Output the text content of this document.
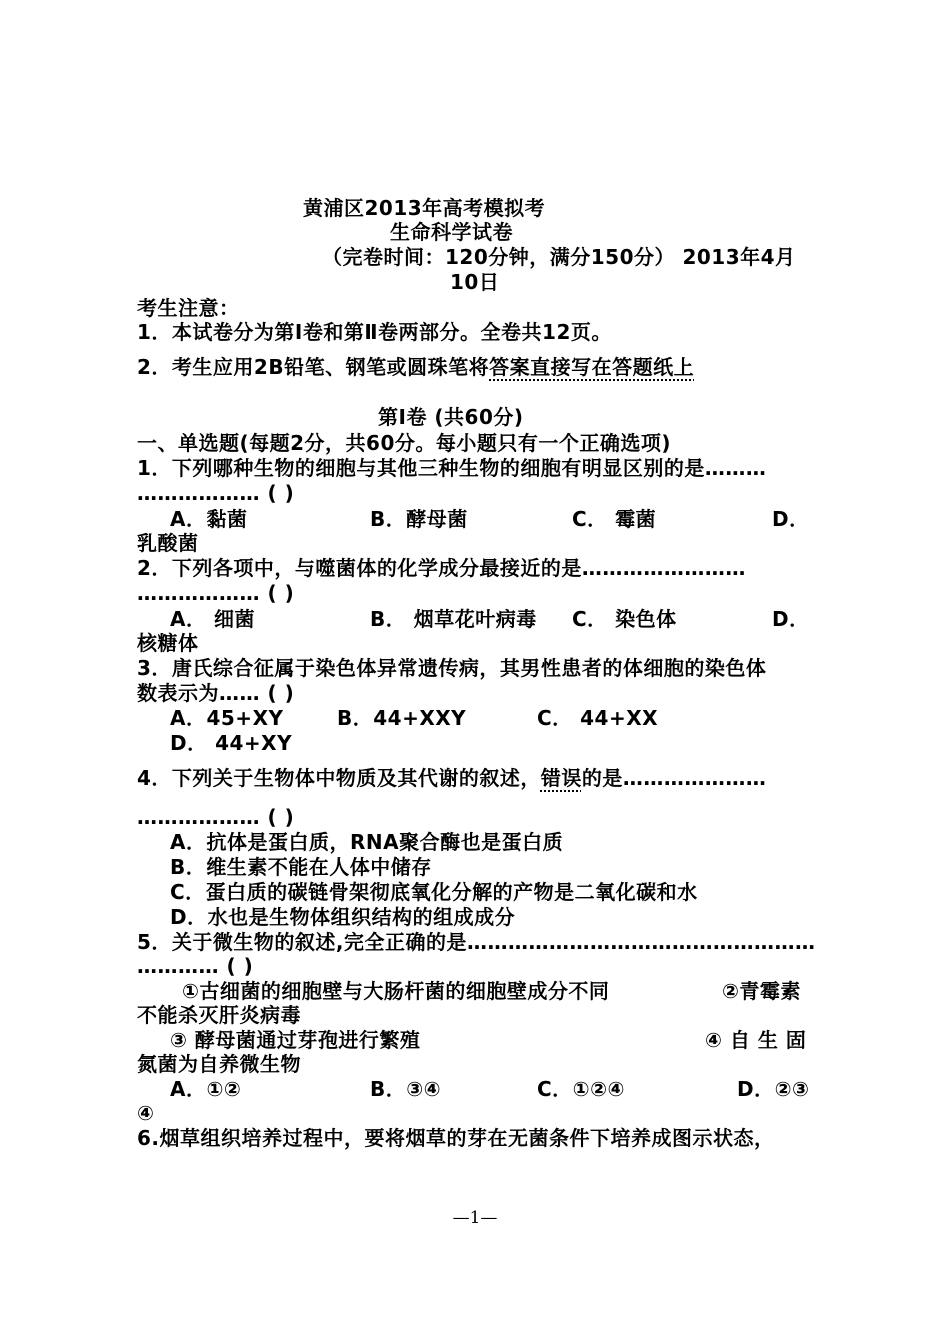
黄浦区2013年高考模拟考
生命科学试卷
（完卷时间：120分钟，满分150分） 2013年4月
10日
考生注意：
1．本试卷分为第Ⅰ卷和第Ⅱ卷两部分。全卷共12页。
2．考生应用2B铅笔、钢笔或圆珠笔将答案直接写在答题纸上
第Ⅰ卷 (共60分)
一、单选题(每题2分，共60分。每小题只有一个正确选项)
1．下列哪种生物的细胞与其他三种生物的细胞有明显区别的是………
……………… ( )
A．黏菌	B．酵母菌	C． 霉菌	D．
乳酸菌
2．下列各项中，与噬菌体的化学成分最接近的是……………………
……………… ( )
A． 细菌	B． 烟草花叶病毒 C． 染色体	D．
核糖体
3．唐氏综合征属于染色体异常遗传病，其男性患者的体细胞的染色体
数表示为…… ( )
A．45+XY	B．44+XXY	C． 44+XX
D． 44+XY
4．下列关于生物体中物质及其代谢的叙述，错误的是…………………
……………… ( )
A．抗体是蛋白质，RNA聚合酶也是蛋白质
B．维生素不能在人体中储存
C．蛋白质的碳链骨架彻底氧化分解的产物是二氧化碳和水
D．水也是生物体组织结构的组成成分
5．关于微生物的叙述,完全正确的是……………………………………………
………… ( )
①古细菌的细胞壁与大肠杆菌的细胞壁成分不同	②青霉素
不能杀灭肝炎病毒
③ 酵母菌通过芽孢进行繁殖	④ 自 生 固
氮菌为自养微生物
A．①②	B．③④	C．①②④	D．②③
④
6.烟草组织培养过程中，要将烟草的芽在无菌条件下培养成图示状态，
—1—
